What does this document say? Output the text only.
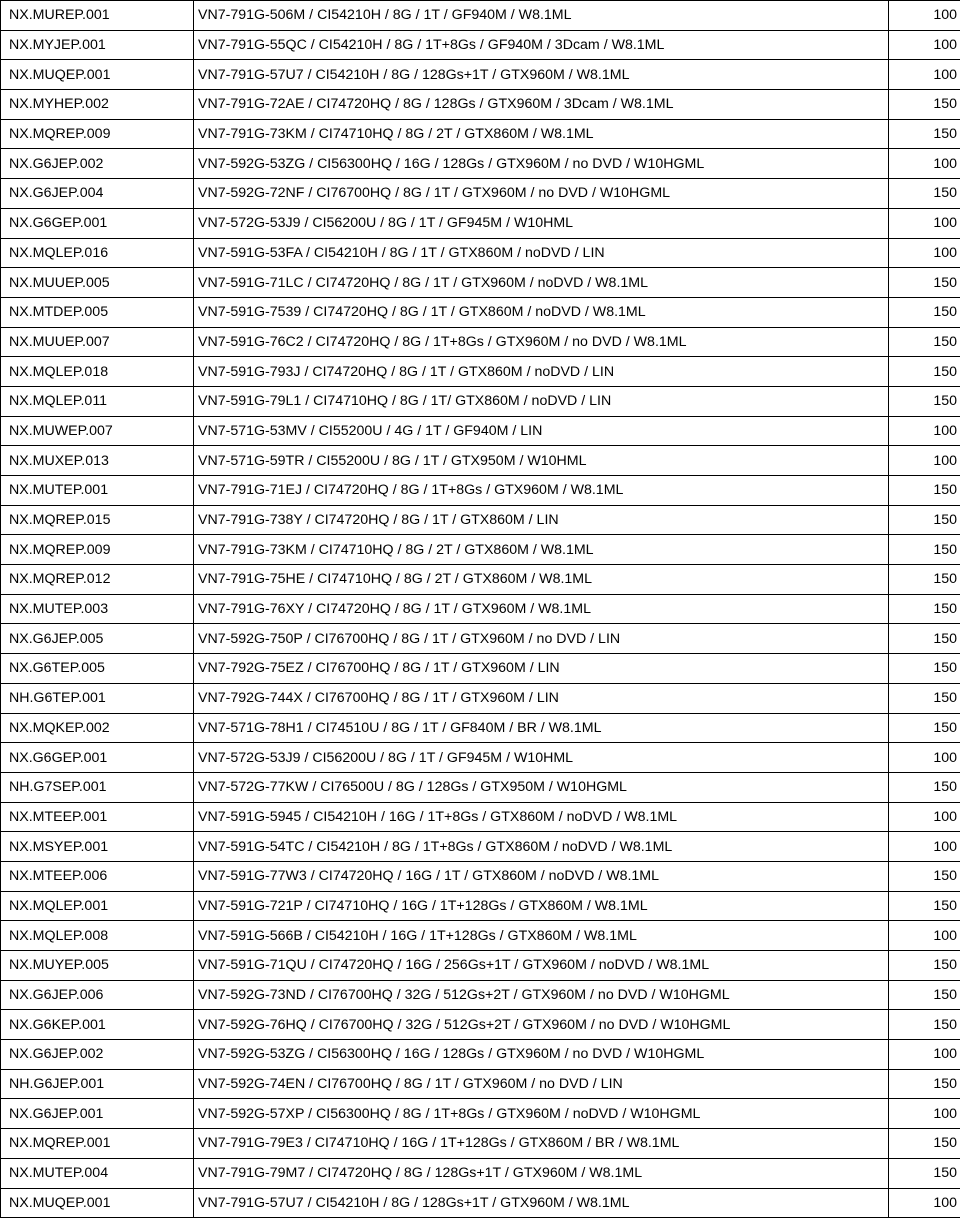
NX.MUREP.001	VN7-791G-506M / CI54210H / 8G / 1T / GF940M / W8.1ML	100
NX.MYJEP.001	VN7-791G-55QC / CI54210H / 8G / 1T+8Gs / GF940M / 3Dcam / W8.1ML	100
NX.MUQEP.001	VN7-791G-57U7 / CI54210H / 8G / 128Gs+1T / GTX960M / W8.1ML	100
NX.MYHEP.002	VN7-791G-72AE / CI74720HQ / 8G / 128Gs / GTX960M / 3Dcam / W8.1ML	150
NX.MQREP.009	VN7-791G-73KM / CI74710HQ / 8G / 2T / GTX860M / W8.1ML	150
NX.G6JEP.002	VN7-592G-53ZG / CI56300HQ / 16G / 128Gs / GTX960M / no DVD / W10HGML	100
NX.G6JEP.004	VN7-592G-72NF / CI76700HQ / 8G / 1T / GTX960M / no DVD / W10HGML	150
NX.G6GEP.001	VN7-572G-53J9 / CI56200U / 8G / 1T / GF945M / W10HML	100
NX.MQLEP.016	VN7-591G-53FA / CI54210H / 8G / 1T / GTX860M / noDVD / LIN	100
NX.MUUEP.005	VN7-591G-71LC / CI74720HQ / 8G / 1T / GTX960M / noDVD / W8.1ML	150
NX.MTDEP.005	VN7-591G-7539 / CI74720HQ / 8G / 1T / GTX860M / noDVD / W8.1ML	150
NX.MUUEP.007	VN7-591G-76C2 / CI74720HQ / 8G / 1T+8Gs / GTX960M / no DVD / W8.1ML	150
NX.MQLEP.018	VN7-591G-793J / CI74720HQ / 8G / 1T / GTX860M / noDVD / LIN	150
NX.MQLEP.011	VN7-591G-79L1 / CI74710HQ / 8G / 1T/ GTX860M / noDVD / LIN	150
NX.MUWEP.007	VN7-571G-53MV / CI55200U / 4G / 1T / GF940M / LIN	100
NX.MUXEP.013	VN7-571G-59TR / CI55200U / 8G / 1T / GTX950M / W10HML	100
NX.MUTEP.001	VN7-791G-71EJ / CI74720HQ / 8G / 1T+8Gs / GTX960M / W8.1ML	150
NX.MQREP.015	VN7-791G-738Y / CI74720HQ / 8G / 1T / GTX860M / LIN	150
NX.MQREP.009	VN7-791G-73KM / CI74710HQ / 8G / 2T / GTX860M / W8.1ML	150
NX.MQREP.012	VN7-791G-75HE / CI74710HQ / 8G / 2T / GTX860M / W8.1ML	150
NX.MUTEP.003	VN7-791G-76XY / CI74720HQ / 8G / 1T / GTX960M / W8.1ML	150
NX.G6JEP.005	VN7-592G-750P / CI76700HQ / 8G / 1T / GTX960M / no DVD / LIN	150
NX.G6TEP.005	VN7-792G-75EZ / CI76700HQ / 8G / 1T / GTX960M / LIN	150
NH.G6TEP.001	VN7-792G-744X / CI76700HQ / 8G / 1T / GTX960M / LIN	150
NX.MQKEP.002	VN7-571G-78H1 / CI74510U / 8G / 1T / GF840M / BR / W8.1ML	150
NX.G6GEP.001	VN7-572G-53J9 / CI56200U / 8G / 1T / GF945M / W10HML	100
NH.G7SEP.001	VN7-572G-77KW / CI76500U / 8G / 128Gs / GTX950M / W10HGML	150
NX.MTEEP.001	VN7-591G-5945 / CI54210H / 16G / 1T+8Gs / GTX860M / noDVD / W8.1ML	100
NX.MSYEP.001	VN7-591G-54TC / CI54210H / 8G / 1T+8Gs / GTX860M / noDVD / W8.1ML	100
NX.MTEEP.006	VN7-591G-77W3 / CI74720HQ / 16G / 1T / GTX860M / noDVD / W8.1ML	150
NX.MQLEP.001	VN7-591G-721P / CI74710HQ / 16G / 1T+128Gs / GTX860M / W8.1ML	150
NX.MQLEP.008	VN7-591G-566B / CI54210H / 16G / 1T+128Gs / GTX860M / W8.1ML	100
NX.MUYEP.005	VN7-591G-71QU / CI74720HQ / 16G / 256Gs+1T / GTX960M / noDVD / W8.1ML	150
NX.G6JEP.006	VN7-592G-73ND / CI76700HQ / 32G / 512Gs+2T / GTX960M / no DVD / W10HGML	150
NX.G6KEP.001	VN7-592G-76HQ / CI76700HQ / 32G / 512Gs+2T / GTX960M / no DVD / W10HGML	150
NX.G6JEP.002	VN7-592G-53ZG / CI56300HQ / 16G / 128Gs / GTX960M / no DVD / W10HGML	100
NH.G6JEP.001	VN7-592G-74EN / CI76700HQ / 8G / 1T / GTX960M / no DVD / LIN	150
NX.G6JEP.001	VN7-592G-57XP / CI56300HQ / 8G / 1T+8Gs / GTX960M / noDVD / W10HGML	100
NX.MQREP.001	VN7-791G-79E3 / CI74710HQ / 16G / 1T+128Gs / GTX860M / BR / W8.1ML	150
NX.MUTEP.004	VN7-791G-79M7 / CI74720HQ / 8G / 128Gs+1T / GTX960M / W8.1ML	150
NX.MUQEP.001	VN7-791G-57U7 / CI54210H / 8G / 128Gs+1T / GTX960M / W8.1ML	100
